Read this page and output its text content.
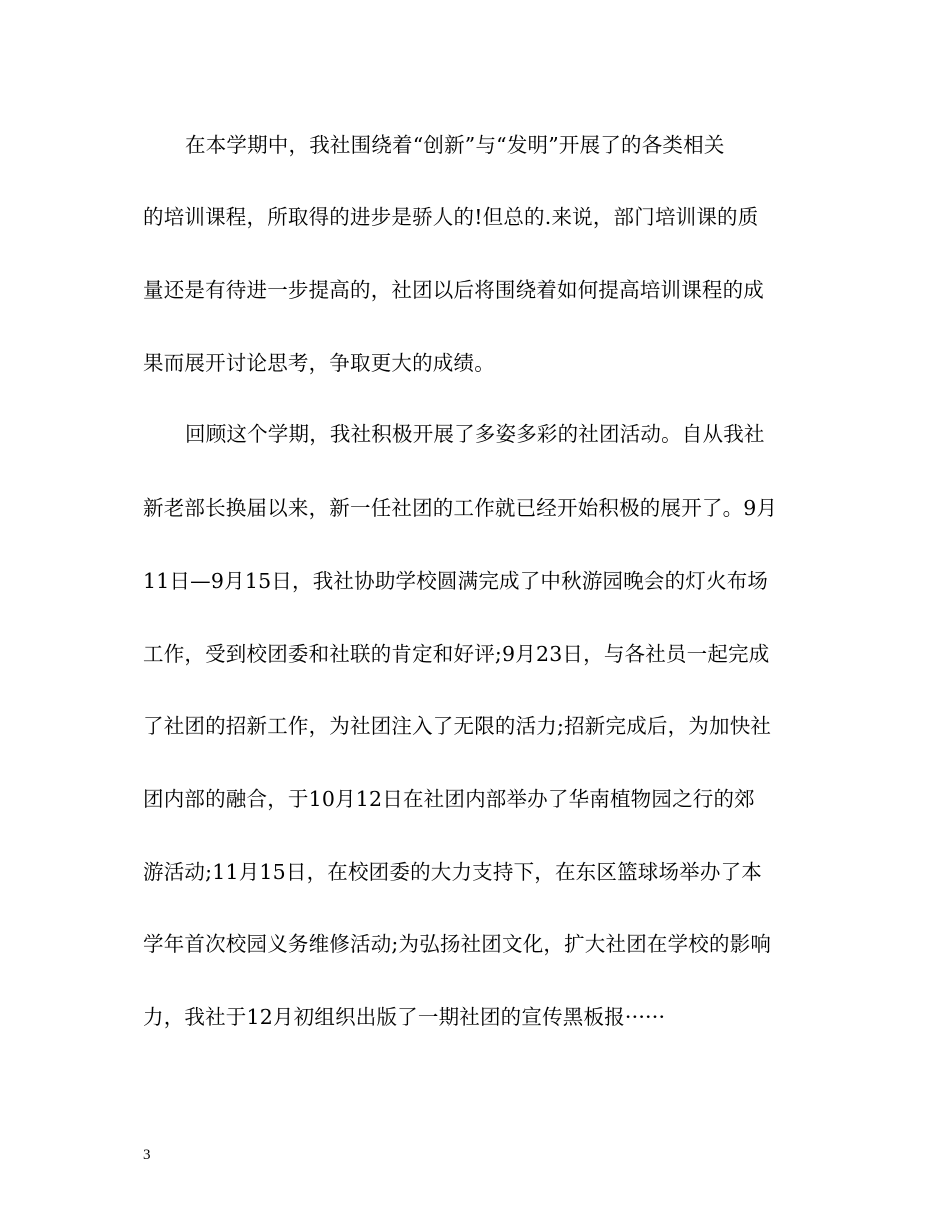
在本学期中，我社围绕着“创新”与“发明”开展了的各类相关
的培训课程，所取得的进步是骄人的!但总的.来说，部门培训课的质
量还是有待进一步提高的，社团以后将围绕着如何提高培训课程的成
果而展开讨论思考，争取更大的成绩。
回顾这个学期，我社积极开展了多姿多彩的社团活动。自从我社
新老部长换届以来，新一任社团的工作就已经开始积极的展开了。9月
11日—9月15日，我社协助学校圆满完成了中秋游园晚会的灯火布场
工作，受到校团委和社联的肯定和好评;9月23日，与各社员一起完成
了社团的招新工作，为社团注入了无限的活力;招新完成后，为加快社
团内部的融合，于10月12日在社团内部举办了华南植物园之行的郊
游活动;11月15日，在校团委的大力支持下，在东区篮球场举办了本
学年首次校园义务维修活动;为弘扬社团文化，扩大社团在学校的影响
力，我社于12月初组织出版了一期社团的宣传黑板报······
3
